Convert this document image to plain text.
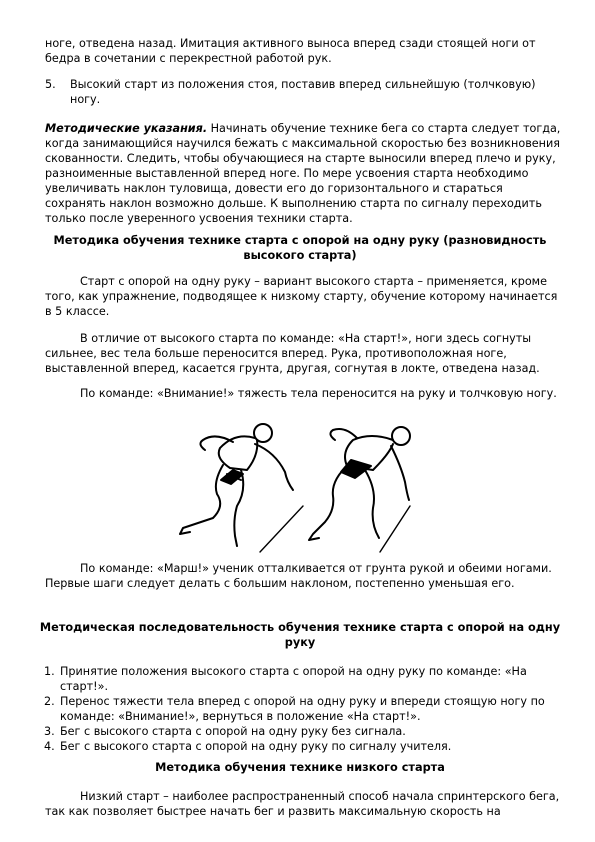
ноге, отведена назад. Имитация активного выноса вперед сзади стоящей ноги от бедра в сочетании с перекрестной работой рук.
5. Высокий старт из положения стоя, поставив вперед сильнейшую (толчковую) ногу.
Методические указания. Начинать обучение технике бега со старта следует тогда, когда занимающийся научился бежать с максимальной скоростью без возникновения скованности. Следить, чтобы обучающиеся на старте выносили вперед плечо и руку, разноименные выставленной вперед ноге. По мере усвоения старта необходимо увеличивать наклон туловища, довести его до горизонтального и стараться сохранять наклон возможно дольше. К выполнению старта по сигналу переходить только после уверенного усвоения техники старта.
Методика обучения технике старта с опорой на одну руку (разновидность высокого старта)
Старт с опорой на одну руку – вариант высокого старта – применяется, кроме того, как упражнение, подводящее к низкому старту, обучение которому начинается в 5 классе.
В отличие от высокого старта по команде: «На старт!», ноги здесь согнуты сильнее, вес тела больше переносится вперед. Рука, противоположная ноге, выставленной вперед, касается грунта, другая, согнутая в локте, отведена назад.
По команде: «Внимание!» тяжесть тела переносится на руку и толчковую ногу.
По команде: «Марш!» ученик отталкивается от грунта рукой и обеими ногами. Первые шаги следует делать с большим наклоном, постепенно уменьшая его.
Методическая последовательность обучения технике старта с опорой на одну руку
1. Принятие положения высокого старта с опорой на одну руку по команде: «На старт!».
2. Перенос тяжести тела вперед с опорой на одну руку и впереди стоящую ногу по команде: «Внимание!», вернуться в положение «На старт!».
3. Бег с высокого старта с опорой на одну руку без сигнала.
4. Бег с высокого старта с опорой на одну руку по сигналу учителя.
Методика обучения технике низкого старта
Низкий старт – наиболее распространенный способ начала спринтерского бега, так как позволяет быстрее начать бег и развить максимальную скорость на
